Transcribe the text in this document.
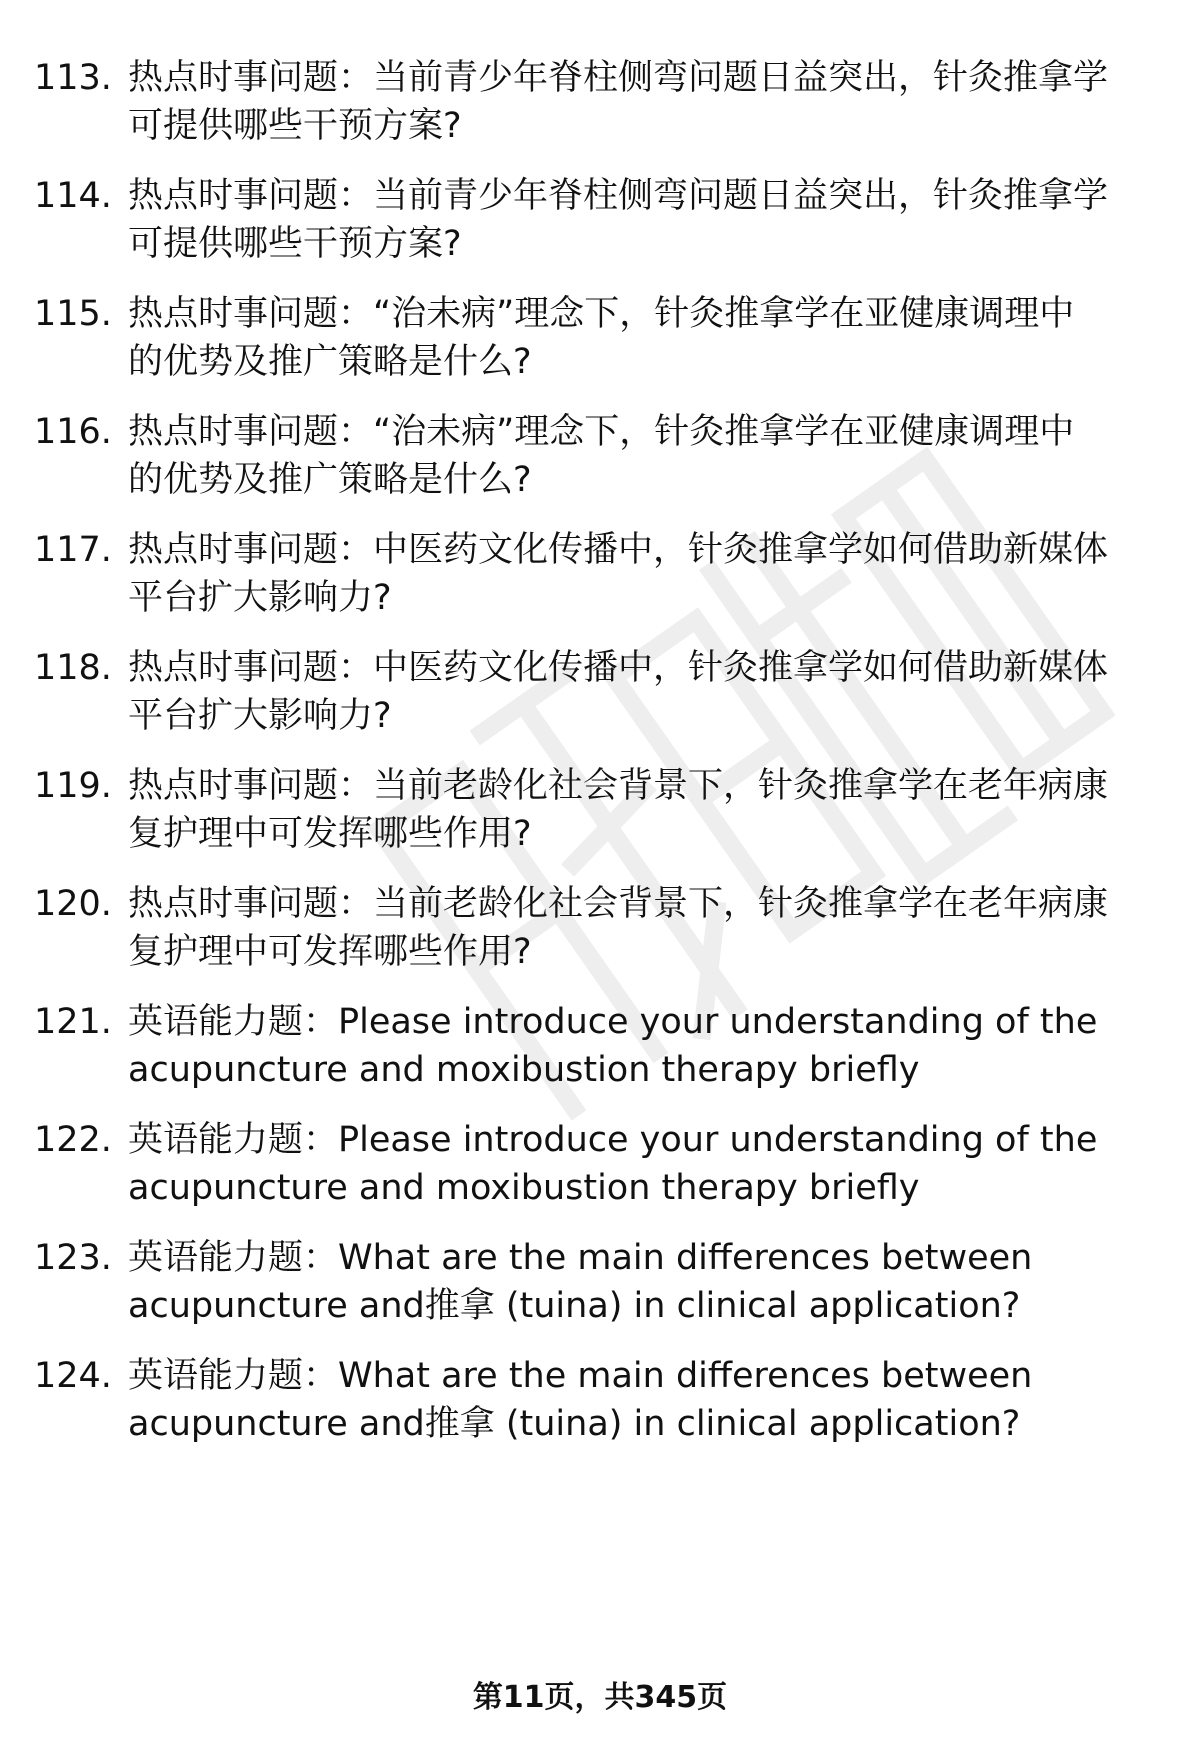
113. 热点时事问题：当前青少年脊柱侧弯问题日益突出，针灸推拿学
可提供哪些干预方案?
114. 热点时事问题：当前青少年脊柱侧弯问题日益突出，针灸推拿学
可提供哪些干预方案?
115. 热点时事问题：“治未病”理念下，针灸推拿学在亚健康调理中
的优势及推广策略是什么?
116. 热点时事问题：“治未病”理念下，针灸推拿学在亚健康调理中
的优势及推广策略是什么?
117. 热点时事问题：中医药文化传播中，针灸推拿学如何借助新媒体
平台扩大影响力?
118. 热点时事问题：中医药文化传播中，针灸推拿学如何借助新媒体
平台扩大影响力?
119. 热点时事问题：当前老龄化社会背景下，针灸推拿学在老年病康
复护理中可发挥哪些作用?
120. 热点时事问题：当前老龄化社会背景下，针灸推拿学在老年病康
复护理中可发挥哪些作用?
121. 英语能力题：Please introduce your understanding of the
acupuncture and moxibustion therapy briefly
122. 英语能力题：Please introduce your understanding of the
acupuncture and moxibustion therapy briefly
123. 英语能力题：What are the main differences between
acupuncture and推拿 (tuina) in clinical application?
124. 英语能力题：What are the main differences between
acupuncture and推拿 (tuina) in clinical application?
第11页，共345页
